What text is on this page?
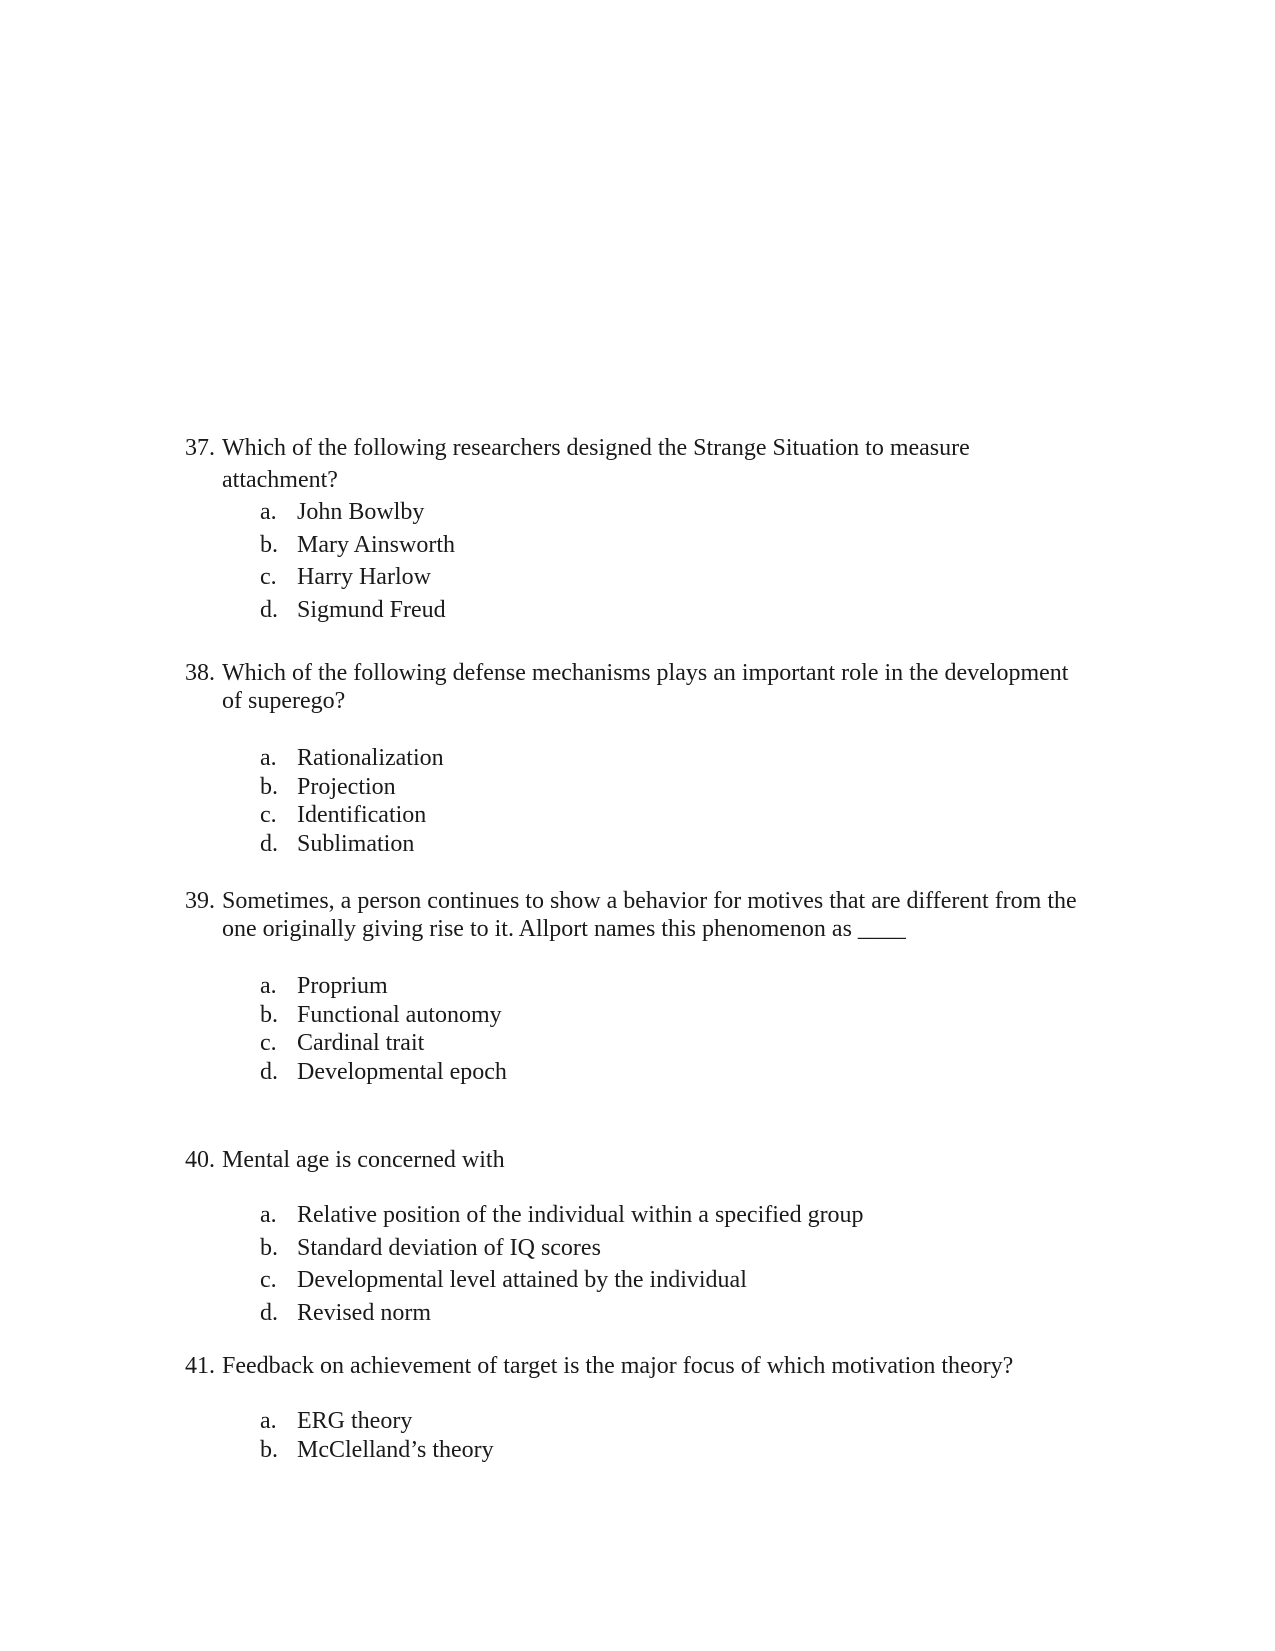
37. Which of the following researchers designed the Strange Situation to measure
attachment?
a. John Bowlby
b. Mary Ainsworth
c. Harry Harlow
d. Sigmund Freud
38. Which of the following defense mechanisms plays an important role in the development
of superego?
a. Rationalization
b. Projection
c. Identification
d. Sublimation
39. Sometimes, a person continues to show a behavior for motives that are different from the
one originally giving rise to it. Allport names this phenomenon as ____
a. Proprium
b. Functional autonomy
c. Cardinal trait
d. Developmental epoch
40. Mental age is concerned with
a. Relative position of the individual within a specified group
b. Standard deviation of IQ scores
c. Developmental level attained by the individual
d. Revised norm
41. Feedback on achievement of target is the major focus of which motivation theory?
a. ERG theory
b. McClelland’s theory
